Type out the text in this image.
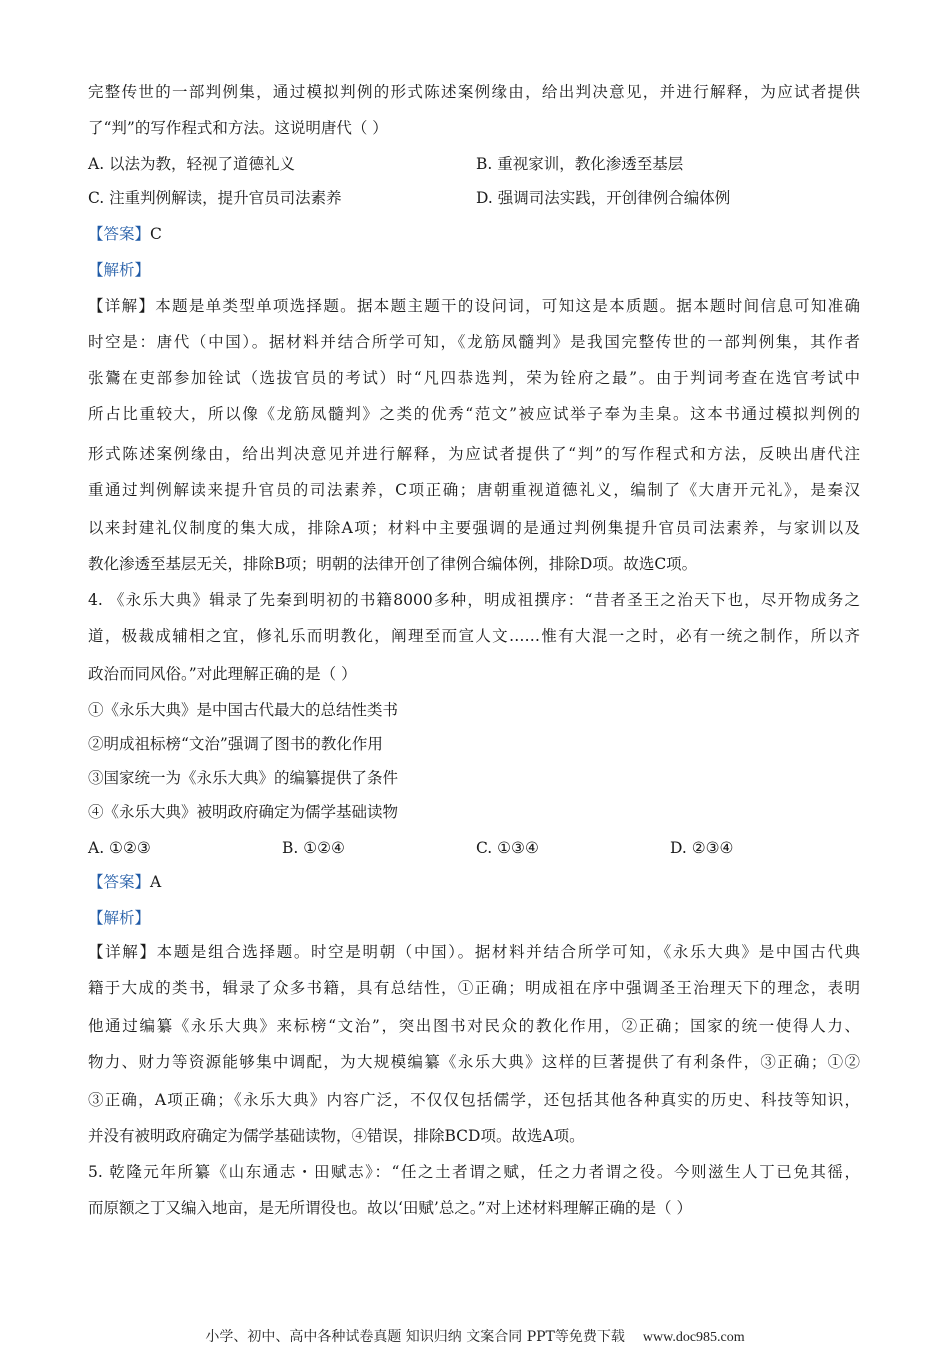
完整传世的一部判例集，通过模拟判例的形式陈述案例缘由，给出判决意见，并进行解释，为应试者提供
了“判”的写作程式和方法。这说明唐代（ ）
A. 以法为教，轻视了道德礼义	B. 重视家训，教化渗透至基层
C. 注重判例解读，提升官员司法素养	D. 强调司法实践，开创律例合编体例
【答案】C
【解析】
【详解】本题是单类型单项选择题。据本题主题干的设问词，可知这是本质题。据本题时间信息可知准确
时空是：唐代（中国）。据材料并结合所学可知，《龙筋凤髓判》是我国完整传世的一部判例集，其作者
张鷟在吏部参加铨试（选拔官员的考试）时“凡四恭选判，荣为铨府之最”。由于判词考查在选官考试中
所占比重较大，所以像《龙筋凤髓判》之类的优秀“范文”被应试举子奉为圭臬。这本书通过模拟判例的
形式陈述案例缘由，给出判决意见并进行解释，为应试者提供了“判”的写作程式和方法，反映出唐代注
重通过判例解读来提升官员的司法素养，C项正确；唐朝重视道德礼义，编制了《大唐开元礼》，是秦汉
以来封建礼仪制度的集大成，排除A项；材料中主要强调的是通过判例集提升官员司法素养，与家训以及
教化渗透至基层无关，排除B项；明朝的法律开创了律例合编体例，排除D项。故选C项。
4. 《永乐大典》辑录了先秦到明初的书籍8000多种，明成祖撰序：“昔者圣王之治天下也，尽开物成务之
道，极裁成辅相之宜，修礼乐而明教化，阐理至而宣人文……惟有大混一之时，必有一统之制作，所以齐
政治而同风俗。”对此理解正确的是（ ）
①《永乐大典》是中国古代最大的总结性类书
②明成祖标榜“文治”强调了图书的教化作用
③国家统一为《永乐大典》的编纂提供了条件
④《永乐大典》被明政府确定为儒学基础读物
A. ①②③	B. ①②④	C. ①③④	D. ②③④
【答案】A
【解析】
【详解】本题是组合选择题。时空是明朝（中国）。据材料并结合所学可知，《永乐大典》是中国古代典
籍于大成的类书，辑录了众多书籍，具有总结性，①正确；明成祖在序中强调圣王治理天下的理念，表明
他通过编纂《永乐大典》来标榜“文治”，突出图书对民众的教化作用，②正确；国家的统一使得人力、
物力、财力等资源能够集中调配，为大规模编纂《永乐大典》这样的巨著提供了有利条件，③正确；①②
③正确，A项正确；《永乐大典》内容广泛，不仅仅包括儒学，还包括其他各种真实的历史、科技等知识，
并没有被明政府确定为儒学基础读物，④错误，排除BCD项。故选A项。
5. 乾隆元年所纂《山东通志・田赋志》：“任之土者谓之赋，任之力者谓之役。今则滋生人丁已免其徭，
而原额之丁又编入地亩，是无所谓役也。故以‘田赋’总之。”对上述材料理解正确的是（ ）
小学、初中、高中各种试卷真题 知识归纳 文案合同 PPT等免费下载 www.doc985.com
